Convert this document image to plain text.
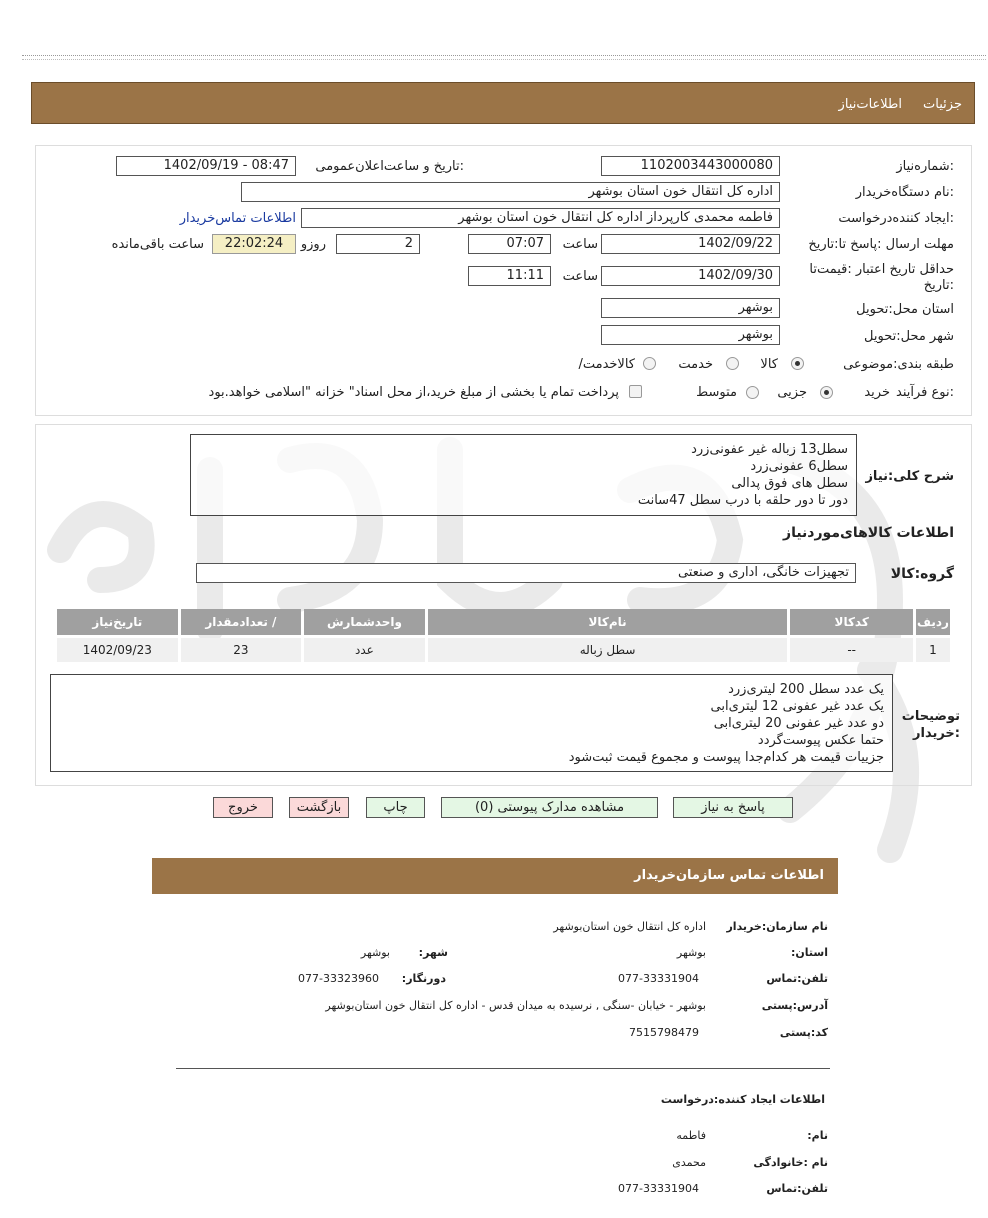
جزئیات
اطلاعات‌نیاز
شماره‌نیاز:
1102003443000080
تاریخ و ساعت‌اعلان‌عمومی:
1402/09/19 - 08:47
نام دستگاه‌خریدار:
اداره کل انتقال خون استان بوشهر
ایجاد کننده‌درخواست:
فاطمه محمدی کارپرداز اداره کل انتقال خون استان بوشهر
اطلاعات تماس‌خریدار
مهلت ارسال :پاسخ تا:تاریخ
1402/09/22
ساعت
07:07
2
روزو
22:02:24
ساعت باقی‌مانده
حداقل تاریخ اعتبار :قیمت‌تا :تاریخ
1402/09/30
ساعت
11:11
استان محل:تحویل
بوشهر
شهر محل:تحویل
بوشهر
طبقه بندی:موضوعی
کالا
خدمت
/کالاخدمت
نوع فرآیند:
خرید
جزیی
متوسط
پرداخت تمام یا بخشی از مبلغ خرید،از محل اسناد" خزانه "اسلامی خواهد.بود
شرح کلی:نیاز
سطل13 زباله غیر عفونی‌زرد
سطل6 عفونی‌زرد
سطل های فوق پدالی
دور تا دور حلقه با درب سطل 47سانت
اطلاعات کالاهای‌موردنیاز
گروه:کالا
تجهیزات خانگی، اداری و صنعتی
ردیف	کدکالا	نام‌کالا	واحدشمارش	/ تعدادمقدار	تاریخ‌نیاز
1	--	سطل زباله	عدد	23	1402/09/23
توضیحات :خریدار
یک عدد سطل 200 لیتری‌زرد
یک عدد غیر عفونی 12 لیتری‌ابی
دو عدد غیر عفونی 20 لیتری‌ابی
حتما عکس پیوست‌گردد
جزییات قیمت هر کدام‌جدا پیوست و مجموع قیمت ثبت‌شود
پاسخ به نیاز
مشاهده مدارک پیوستی (0)
چاپ
بازگشت
خروج
اطلاعات تماس سازمان‌خریدار
نام سازمان:خریدار
اداره کل انتقال خون استان‌بوشهر
:استان
بوشهر
:شهر
بوشهر
تلفن:تماس
077-33331904
:دورنگار
077-33323960
آدرس:پستی
بوشهر - خیابان -سنگی , نرسیده به میدان قدس - اداره کل انتقال خون استان‌بوشهر
کد:پستی
7515798479
اطلاعات ایجاد کننده:درخواست
:نام
فاطمه
نام :خانوادگی
محمدی
تلفن:تماس
077-33331904
